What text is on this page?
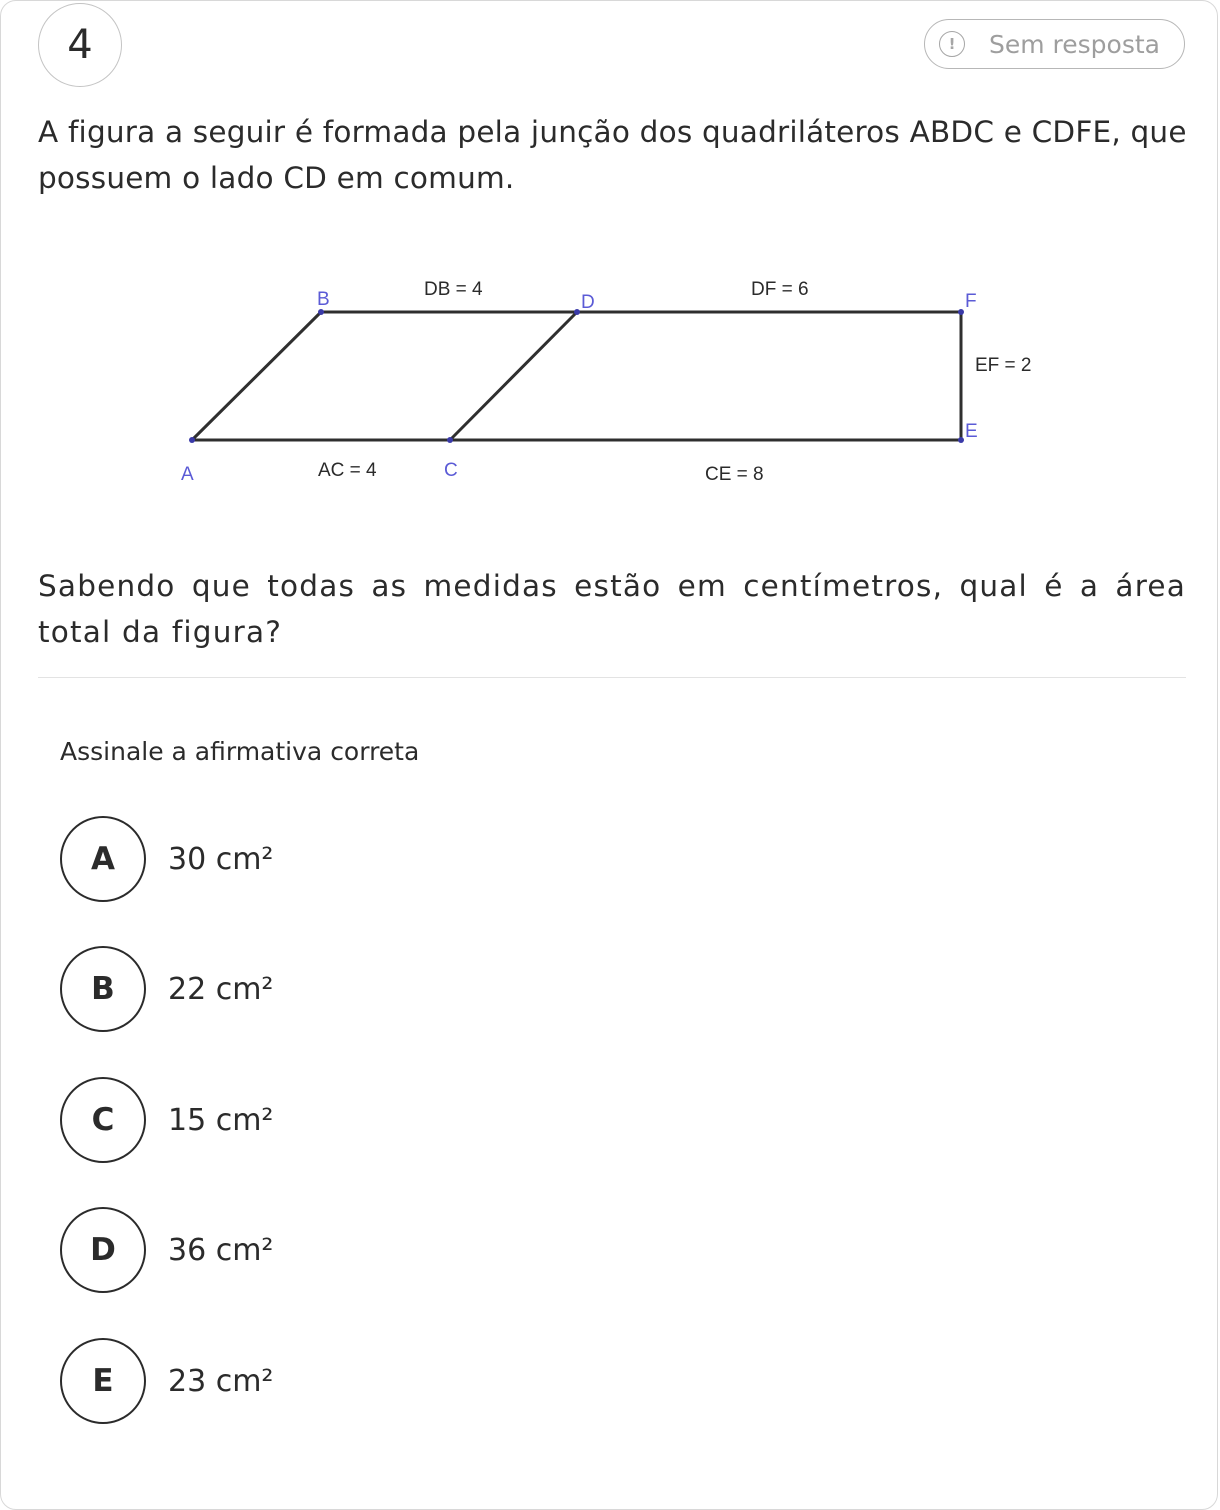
4	!	Sem resposta
A figura a seguir é formada pela junção dos quadriláteros ABDC e CDFE, que possuem o lado CD em comum.
A
B
C
D
E
F
DB = 4	DF = 6
EF = 2
AC = 4	CE = 8
Sabendo que todas as medidas estão em centímetros, qual é a área total da figura?
Assinale a afirmativa correta
A	30 cm²
B	22 cm²
C	15 cm²
D	36 cm²
E	23 cm²
